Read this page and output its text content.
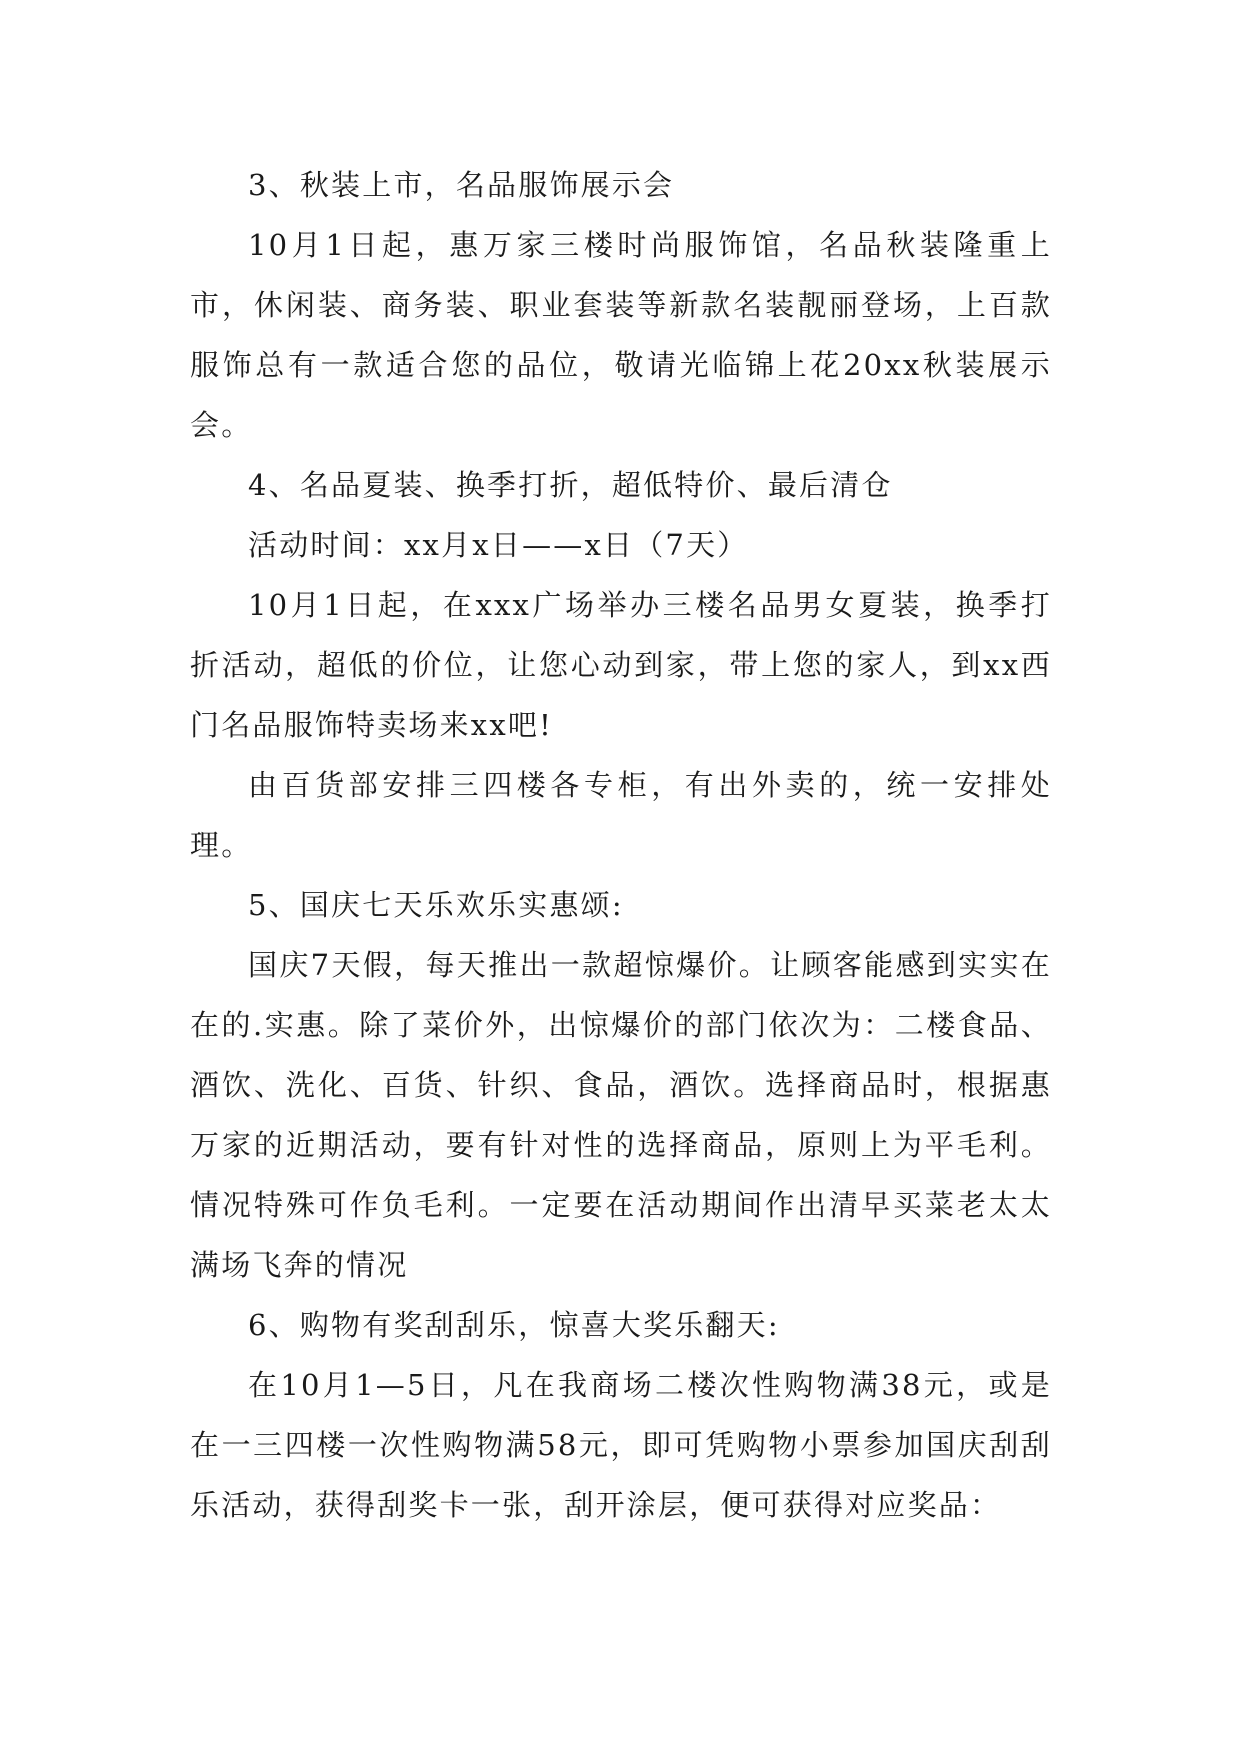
3、秋装上市，名品服饰展示会

10月1日起，惠万家三楼时尚服饰馆，名品秋装隆重上市，休闲装、商务装、职业套装等新款名装靓丽登场，上百款服饰总有一款适合您的品位，敬请光临锦上花20xx秋装展示会。

4、名品夏装、换季打折，超低特价、最后清仓

活动时间：xx月x日——x日（7天）

10月1日起，在xxx广场举办三楼名品男女夏装，换季打折活动，超低的价位，让您心动到家，带上您的家人，到xx西门名品服饰特卖场来xx吧!

由百货部安排三四楼各专柜，有出外卖的，统一安排处理。

5、国庆七天乐欢乐实惠颂:

国庆7天假，每天推出一款超惊爆价。让顾客能感到实实在在的.实惠。除了菜价外，出惊爆价的部门依次为：二楼食品、酒饮、洗化、百货、针织、食品，酒饮。选择商品时，根据惠万家的近期活动，要有针对性的选择商品，原则上为平毛利。情况特殊可作负毛利。一定要在活动期间作出清早买菜老太太满场飞奔的情况

6、购物有奖刮刮乐，惊喜大奖乐翻天:

在10月1—5日，凡在我商场二楼次性购物满38元，或是在一三四楼一次性购物满58元，即可凭购物小票参加国庆刮刮乐活动，获得刮奖卡一张，刮开涂层，便可获得对应奖品：
